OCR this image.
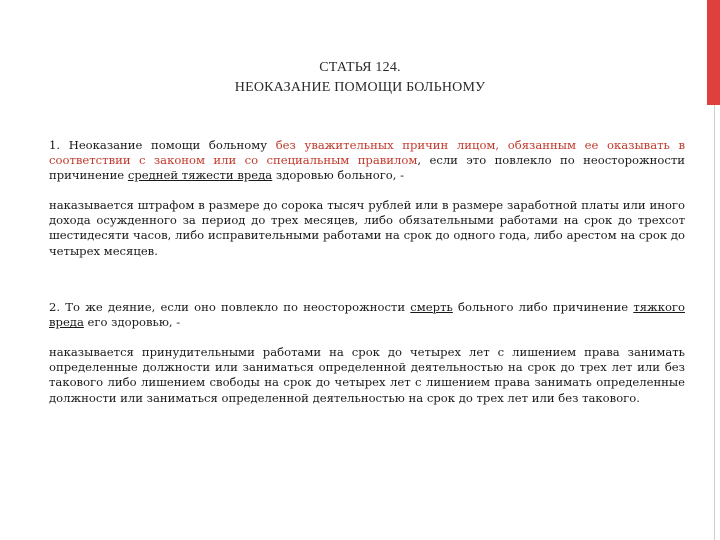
СТАТЬЯ 124.
НЕОКАЗАНИЕ ПОМОЩИ БОЛЬНОМУ

1. Неоказание помощи больному без уважительных причин лицом, обязанным ее оказывать в соответствии с законом или со специальным правилом, если это повлекло по неосторожности причинение средней тяжести вреда здоровью больного, -

наказывается штрафом в размере до сорока тысяч рублей или в размере заработной платы или иного дохода осужденного за период до трех месяцев, либо обязательными работами на срок до трехсот шестидесяти часов, либо исправительными работами на срок до одного года, либо арестом на срок до четырех месяцев.

2. То же деяние, если оно повлекло по неосторожности смерть больного либо причинение тяжкого вреда его здоровью, -

наказывается принудительными работами на срок до четырех лет с лишением права занимать определенные должности или заниматься определенной деятельностью на срок до трех лет или без такового либо лишением свободы на срок до четырех лет с лишением права занимать определенные должности или заниматься определенной деятельностью на срок до трех лет или без такового.
